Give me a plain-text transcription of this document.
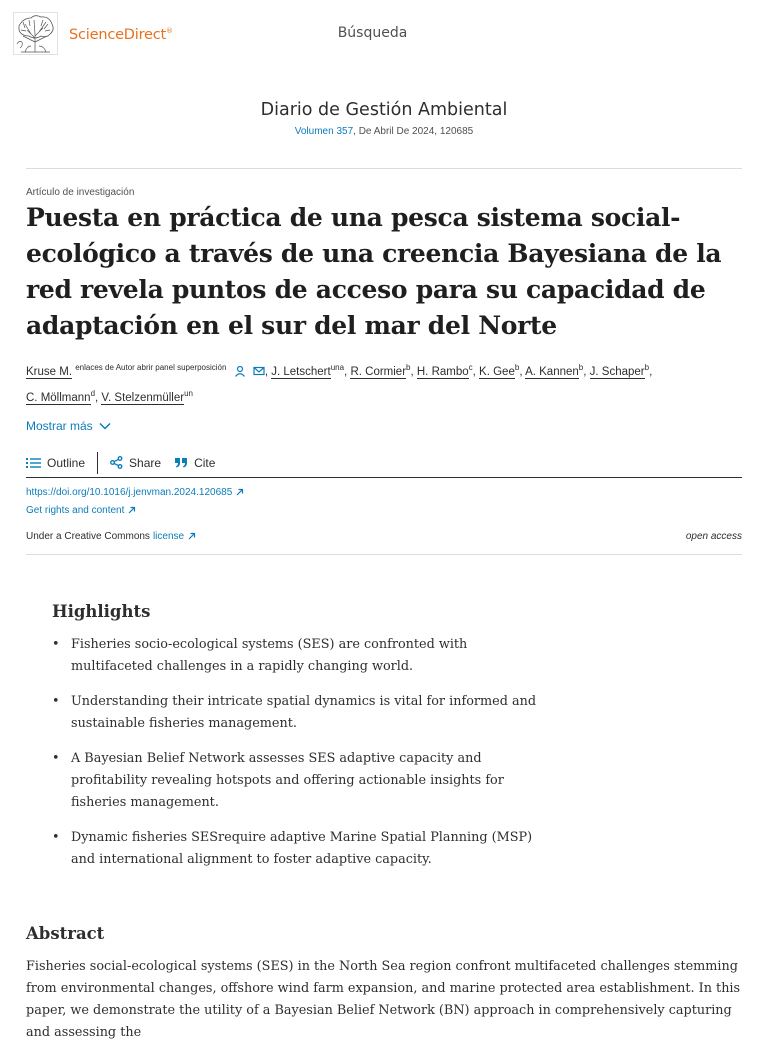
ScienceDirect®	Búsqueda
Diario de Gestión Ambiental
Volumen 357, De Abril De 2024, 120685
Artículo de investigación
Puesta en práctica de una pesca sistema social-ecológico a través de una creencia Bayesiana de la red revela puntos de acceso para su capacidad de adaptación en el sur del mar del Norte
Kruse M. $^{enlaces de Autor abrir panel superposición}$	, J. Letschert$^{una}$, R. Cormier$^b$, H. Rambo$^c$, K. Gee$^b$, A. Kannen$^b$, J. Schaper$^b$,
C. Möllmann$^d$, V. Stelzenmüller$^{un}$
Mostrar más
Outline	Share	Cite
https://doi.org/10.1016/j.jenvman.2024.120685
Get rights and content
Under a Creative Commons license	open access
Highlights
• Fisheries socio-ecological systems (SES) are confronted with multifaceted challenges in a rapidly changing world.
• Understanding their intricate spatial dynamics is vital for informed and sustainable fisheries management.
• A Bayesian Belief Network assesses SES adaptive capacity and profitability revealing hotspots and offering actionable insights for fisheries management.
• Dynamic fisheries SESrequire adaptive Marine Spatial Planning (MSP) and international alignment to foster adaptive capacity.
Abstract

Fisheries social-ecological systems (SES) in the North Sea region confront multifaceted challenges stemming from environmental changes, offshore wind farm expansion, and marine protected area establishment. In this paper, we demonstrate the utility of a Bayesian Belief Network (BN) approach in comprehensively capturing and assessing the
